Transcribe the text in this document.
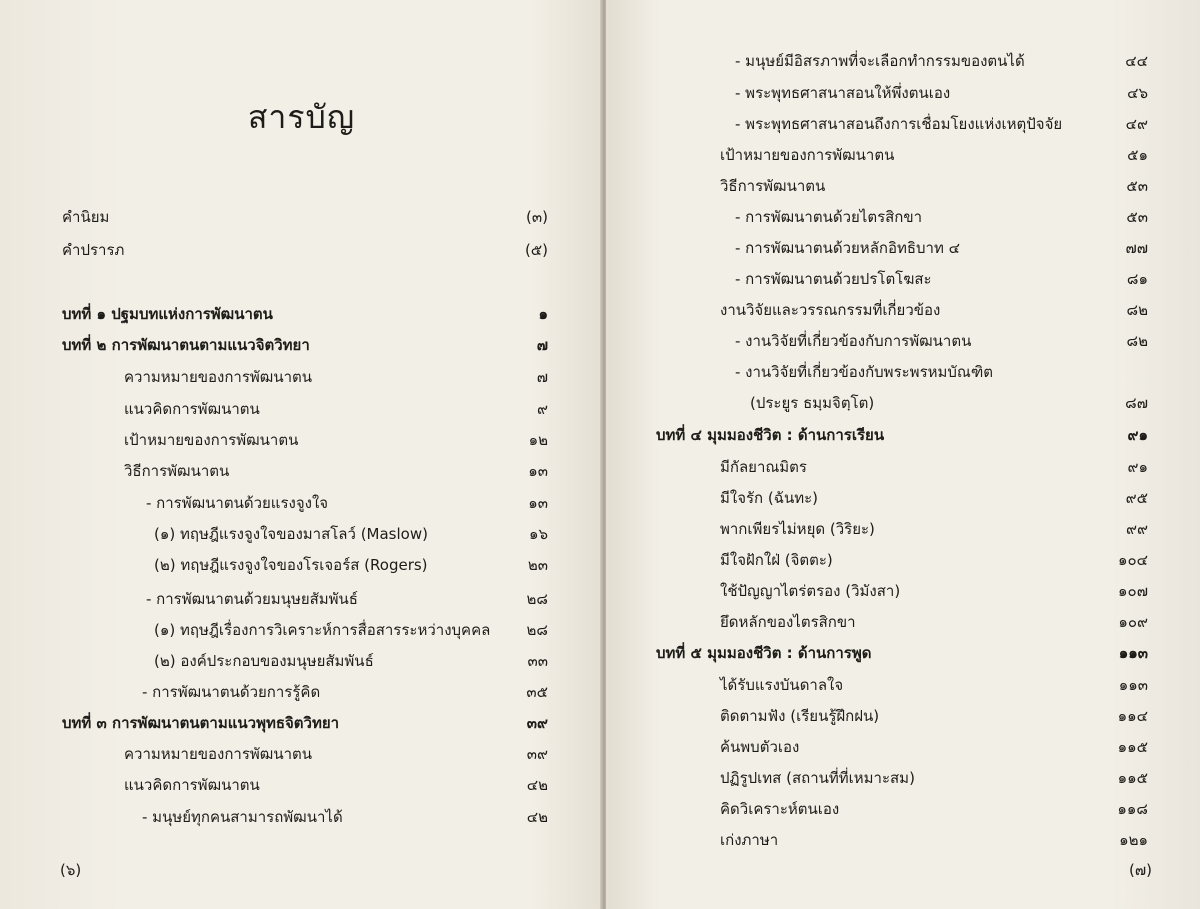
สารบัญ
คำนิยม	(๓)
คำปรารภ	(๕)
บทที่ ๑ ปฐมบทแห่งการพัฒนาตน	๑
บทที่ ๒ การพัฒนาตนตามแนวจิตวิทยา	๗
ความหมายของการพัฒนาตน	๗
แนวคิดการพัฒนาตน	๙
เป้าหมายของการพัฒนาตน	๑๒
วิธีการพัฒนาตน	๑๓
- การพัฒนาตนด้วยแรงจูงใจ	๑๓
(๑) ทฤษฎีแรงจูงใจของมาสโลว์ (Maslow)	๑๖
(๒) ทฤษฎีแรงจูงใจของโรเจอร์ส (Rogers)	๒๓
- การพัฒนาตนด้วยมนุษยสัมพันธ์	๒๘
(๑) ทฤษฎีเรื่องการวิเคราะห์การสื่อสารระหว่างบุคคล ๒๘
(๒) องค์ประกอบของมนุษยสัมพันธ์	๓๓
- การพัฒนาตนด้วยการรู้คิด	๓๕
บทที่ ๓ การพัฒนาตนตามแนวพุทธจิตวิทยา	๓๙
ความหมายของการพัฒนาตน	๓๙
แนวคิดการพัฒนาตน	๔๒
- มนุษย์ทุกคนสามารถพัฒนาได้	๔๒
(๖)
- มนุษย์มีอิสรภาพที่จะเลือกทำกรรมของตนได้	๔๔
- พระพุทธศาสนาสอนให้พึ่งตนเอง	๔๖
- พระพุทธศาสนาสอนถึงการเชื่อมโยงแห่งเหตุปัจจัย	๔๙
เป้าหมายของการพัฒนาตน	๕๑
วิธีการพัฒนาตน	๕๓
- การพัฒนาตนด้วยไตรสิกขา	๕๓
- การพัฒนาตนด้วยหลักอิทธิบาท ๔	๗๗
- การพัฒนาตนด้วยปรโตโฆสะ	๘๑
งานวิจัยและวรรณกรรมที่เกี่ยวข้อง	๘๒
- งานวิจัยที่เกี่ยวข้องกับการพัฒนาตน	๘๒
- งานวิจัยที่เกี่ยวข้องกับพระพรหมบัณฑิต
(ประยูร ธมฺมจิตฺโต)	๘๗
บทที่ ๔ มุมมองชีวิต : ด้านการเรียน	๙๑
มีกัลยาณมิตร	๙๑
มีใจรัก (ฉันทะ)	๙๕
พากเพียรไม่หยุด (วิริยะ)	๙๙
มีใจฝักใฝ่ (จิตตะ)	๑๐๔
ใช้ปัญญาไตร่ตรอง (วิมังสา)	๑๐๗
ยึดหลักของไตรสิกขา	๑๐๙
บทที่ ๕ มุมมองชีวิต : ด้านการพูด	๑๑๓
ได้รับแรงบันดาลใจ	๑๑๓
ติดตามฟัง (เรียนรู้ฝึกฝน)	๑๑๔
ค้นพบตัวเอง	๑๑๕
ปฏิรูปเทส (สถานที่ที่เหมาะสม)	๑๑๕
คิดวิเคราะห์ตนเอง	๑๑๘
เก่งภาษา	๑๒๑
(๗)
